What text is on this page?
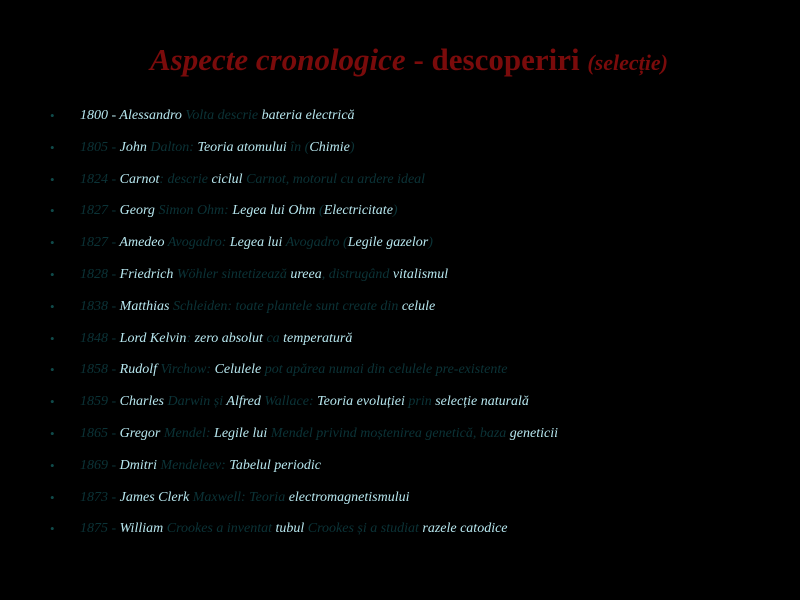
Aspecte cronologice - descoperiri (selecție)
• 1800 - Alessandro Volta descrie bateria electrică
• 1805 - John Dalton: Teoria atomului în (Chimie)
• 1824 - Carnot: descrie ciclul Carnot, motorul cu ardere ideal
• 1827 - Georg Simon Ohm: Legea lui Ohm (Electricitate)
• 1827 - Amedeo Avogadro: Legea lui Avogadro (Legile gazelor)
• 1828 - Friedrich Wöhler sintetizează ureea, distrugând vitalismul
• 1838 - Matthias Schleiden: toate plantele sunt create din celule
• 1848 - Lord Kelvin: zero absolut ca temperatură
• 1858 - Rudolf Virchow: Celulele pot apărea numai din celulele pre-existente
• 1859 - Charles Darwin și Alfred Wallace: Teoria evoluției prin selecție naturală
• 1865 - Gregor Mendel: Legile lui Mendel privind moștenirea genetică, baza geneticii
• 1869 - Dmitri Mendeleev: Tabelul periodic
• 1873 - James Clerk Maxwell: Teoria electromagnetismului
• 1875 - William Crookes a inventat tubul Crookes și a studiat razele catodice
